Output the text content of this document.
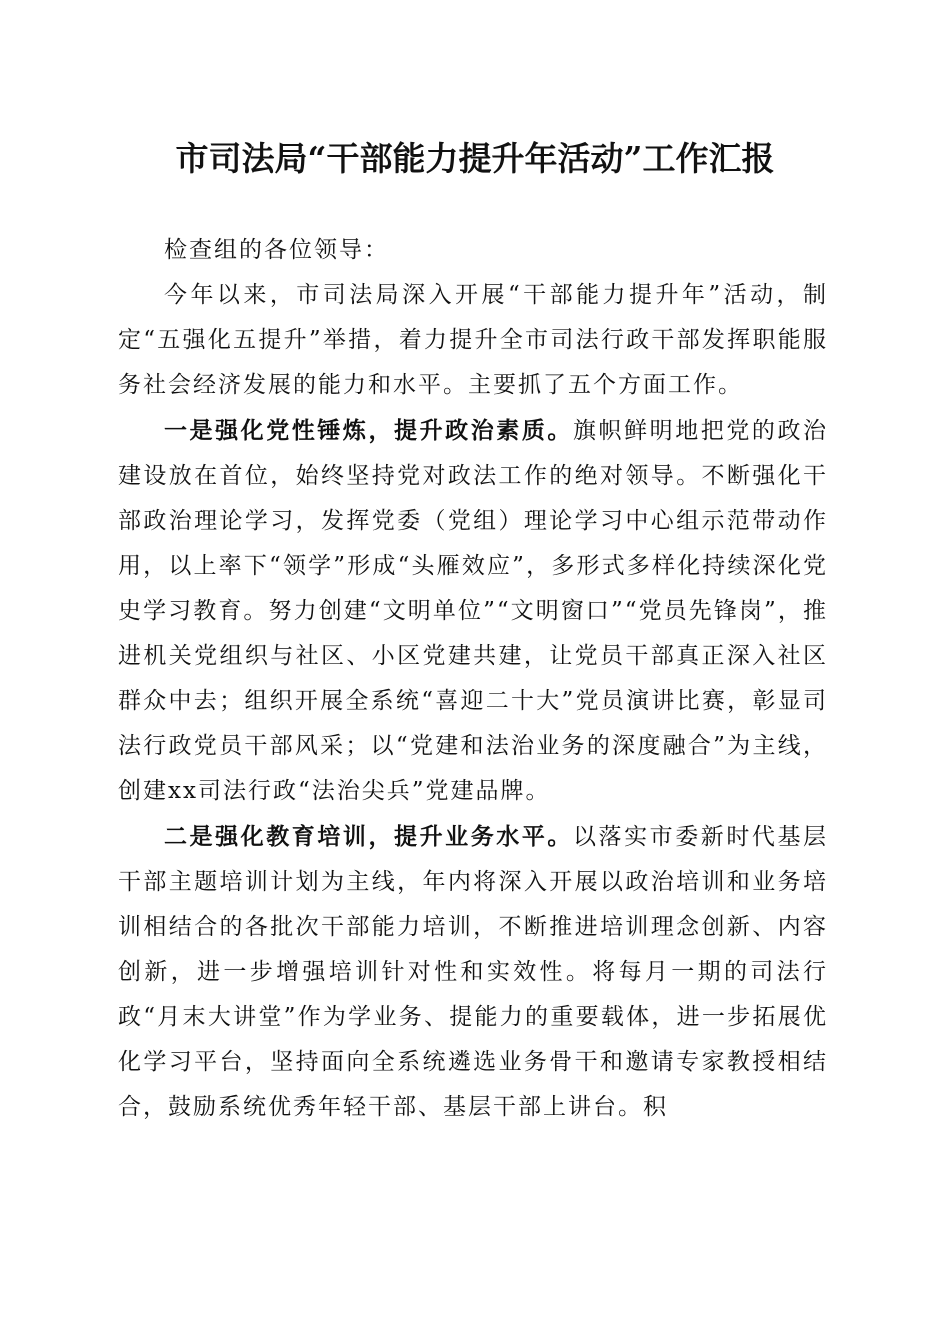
市司法局“干部能力提升年活动”工作汇报

检查组的各位领导：

今年以来，市司法局深入开展“干部能力提升年”活动，制定“五强化五提升”举措，着力提升全市司法行政干部发挥职能服务社会经济发展的能力和水平。主要抓了五个方面工作。

一是强化党性锤炼，提升政治素质。旗帜鲜明地把党的政治建设放在首位，始终坚持党对政法工作的绝对领导。不断强化干部政治理论学习，发挥党委（党组）理论学习中心组示范带动作用，以上率下“领学”形成“头雁效应”，多形式多样化持续深化党史学习教育。努力创建“文明单位”“文明窗口”“党员先锋岗”，推进机关党组织与社区、小区党建共建，让党员干部真正深入社区群众中去；组织开展全系统“喜迎二十大”党员演讲比赛，彰显司法行政党员干部风采；以“党建和法治业务的深度融合”为主线，创建xx司法行政“法治尖兵”党建品牌。

二是强化教育培训，提升业务水平。以落实市委新时代基层干部主题培训计划为主线，年内将深入开展以政治培训和业务培训相结合的各批次干部能力培训，不断推进培训理念创新、内容创新，进一步增强培训针对性和实效性。将每月一期的司法行政“月末大讲堂”作为学业务、提能力的重要载体，进一步拓展优化学习平台，坚持面向全系统遴选业务骨干和邀请专家教授相结合，鼓励系统优秀年轻干部、基层干部上讲台。积
